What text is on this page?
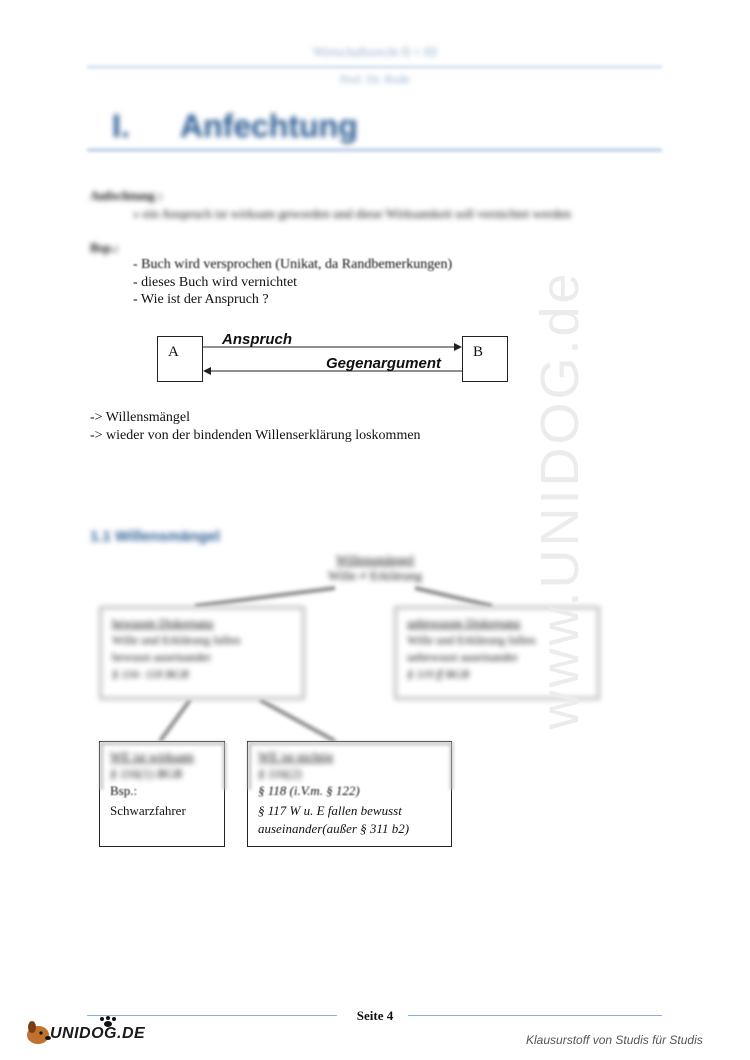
Wirtschaftsrecht II + III
Prof. Dr. Rode
I. Anfechtung
Anfechtung :
» ein Anspruch ist wirksam geworden und diese Wirksamkeit soll vernichtet werden
Bsp.:
- Buch wird versprochen (Unikat, da Randbemerkungen)
- dieses Buch wird vernichtet
- Wie ist der Anspruch ?
A	B
Anspruch
Gegenargument
-> Willensmängel
-> wieder von der bindenden Willenserklärung loskommen
1.1 Willensmängel
Willensmängel
Wille ≠ Erklärung
bewusste Diskrepanz
Wille und Erklärung fallen
bewusst auseinander
§ 116- 118 BGB
unbewusste Diskrepanz
Wille und Erklärung fallen
unbewusst auseinander
§ 119 ff BGB
WE ist wirksam
§ 116(1) BGB
Bsp.:
Schwarzfahrer
WE ist nichtig
§ 116(2)
§ 118 (i.V.m. § 122)
§ 117 W u. E fallen bewusst
auseinander(außer § 311 b2)
www.UNIDOG.de
Seite 4
UNIDOG.DE	Klausurstoff von Studis für Studis
